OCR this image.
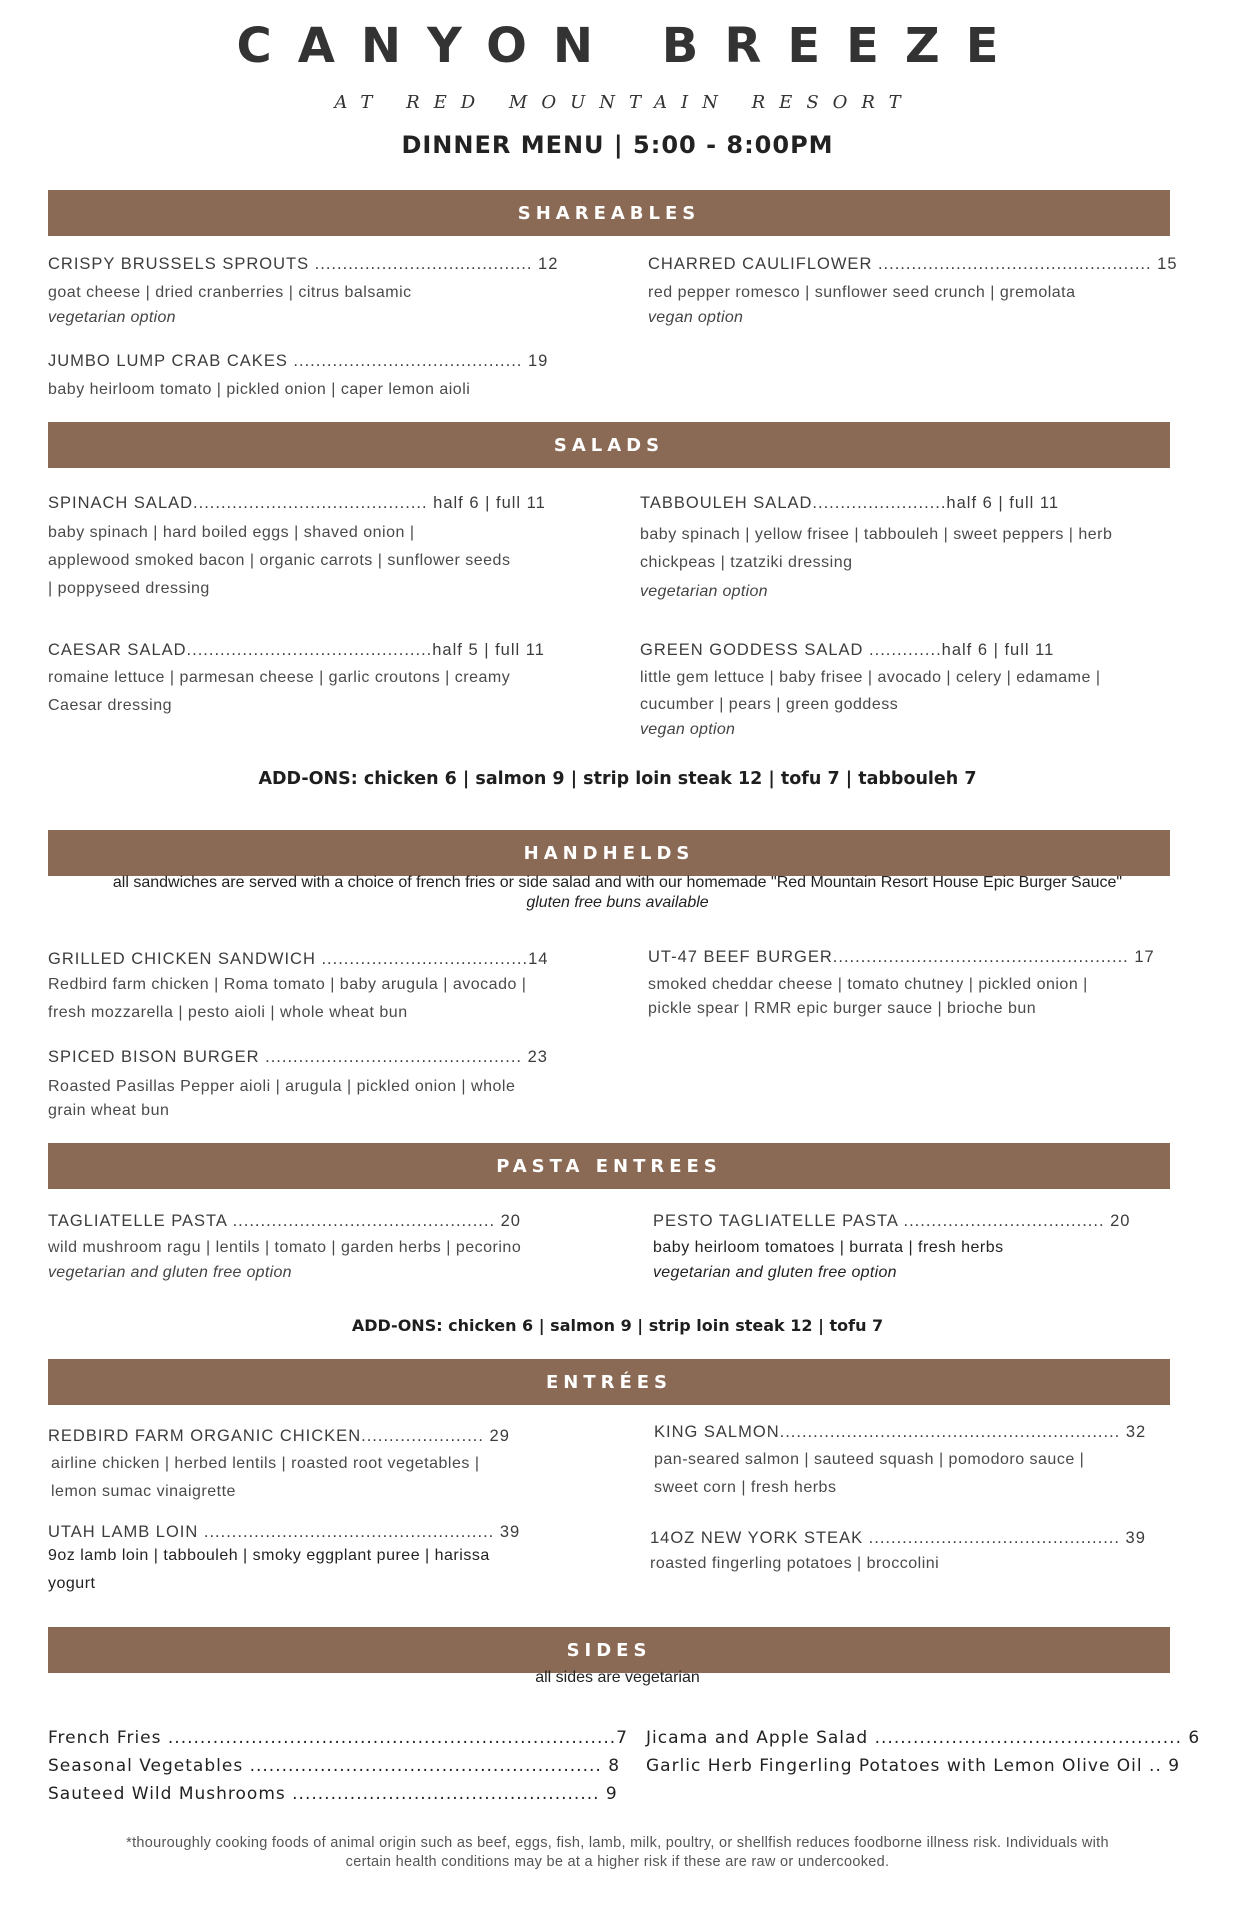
CANYON BREEZE
AT RED MOUNTAIN RESORT
DINNER MENU | 5:00 - 8:00PM
SHAREABLES
CRISPY BRUSSELS SPROUTS ....................................... 12
goat cheese | dried cranberries | citrus balsamic
vegetarian option
CHARRED CAULIFLOWER ................................................. 15
red pepper romesco | sunflower seed crunch | gremolata
vegan option
JUMBO LUMP CRAB CAKES ......................................... 19
baby heirloom tomato | pickled onion | caper lemon aioli
SALADS
SPINACH SALAD.......................................... half 6 | full 11
baby spinach | hard boiled eggs | shaved onion |
applewood smoked bacon | organic carrots | sunflower seeds
| poppyseed dressing
TABBOULEH SALAD........................half 6 | full 11
baby spinach | yellow frisee | tabbouleh | sweet peppers | herb
chickpeas | tzatziki dressing
vegetarian option
CAESAR SALAD............................................half 5 | full 11
romaine lettuce | parmesan cheese | garlic croutons | creamy
Caesar dressing
GREEN GODDESS SALAD .............half 6 | full 11
little gem lettuce | baby frisee | avocado | celery | edamame |
cucumber | pears | green goddess
vegan option
ADD-ONS: chicken 6 | salmon 9 | strip loin steak 12 | tofu 7 | tabbouleh 7
HANDHELDS
all sandwiches are served with a choice of french fries or side salad and with our homemade "Red Mountain Resort House Epic Burger Sauce"
gluten free buns available
GRILLED CHICKEN SANDWICH .....................................14
Redbird farm chicken | Roma tomato | baby arugula | avocado |
fresh mozzarella | pesto aioli | whole wheat bun
UT-47 BEEF BURGER..................................................... 17
smoked cheddar cheese | tomato chutney | pickled onion |
pickle spear | RMR epic burger sauce | brioche bun
SPICED BISON BURGER .............................................. 23
Roasted Pasillas Pepper aioli | arugula | pickled onion | whole
grain wheat bun
PASTA ENTREES
TAGLIATELLE PASTA ............................................... 20
wild mushroom ragu | lentils | tomato | garden herbs | pecorino
vegetarian and gluten free option
PESTO TAGLIATELLE PASTA .................................... 20
baby heirloom tomatoes | burrata | fresh herbs
vegetarian and gluten free option
ADD-ONS: chicken 6 | salmon 9 | strip loin steak 12 | tofu 7
ENTRÉES
REDBIRD FARM ORGANIC CHICKEN...................... 29
airline chicken | herbed lentils | roasted root vegetables |
lemon sumac vinaigrette
KING SALMON............................................................. 32
pan-seared salmon | sauteed squash | pomodoro sauce |
sweet corn | fresh herbs
UTAH LAMB LOIN .................................................... 39
9oz lamb loin | tabbouleh | smoky eggplant puree | harissa
yogurt
14OZ NEW YORK STEAK ............................................. 39
roasted fingerling potatoes | broccolini
SIDES
all sides are vegetarian
French Fries ......................................................................7
Seasonal Vegetables ....................................................... 8
Sauteed Wild Mushrooms ................................................ 9
Jicama and Apple Salad ................................................ 6
Garlic Herb Fingerling Potatoes with Lemon Olive Oil .. 9
*thouroughly cooking foods of animal origin such as beef, eggs, fish, lamb, milk, poultry, or shellfish reduces foodborne illness risk. Individuals with
certain health conditions may be at a higher risk if these are raw or undercooked.
